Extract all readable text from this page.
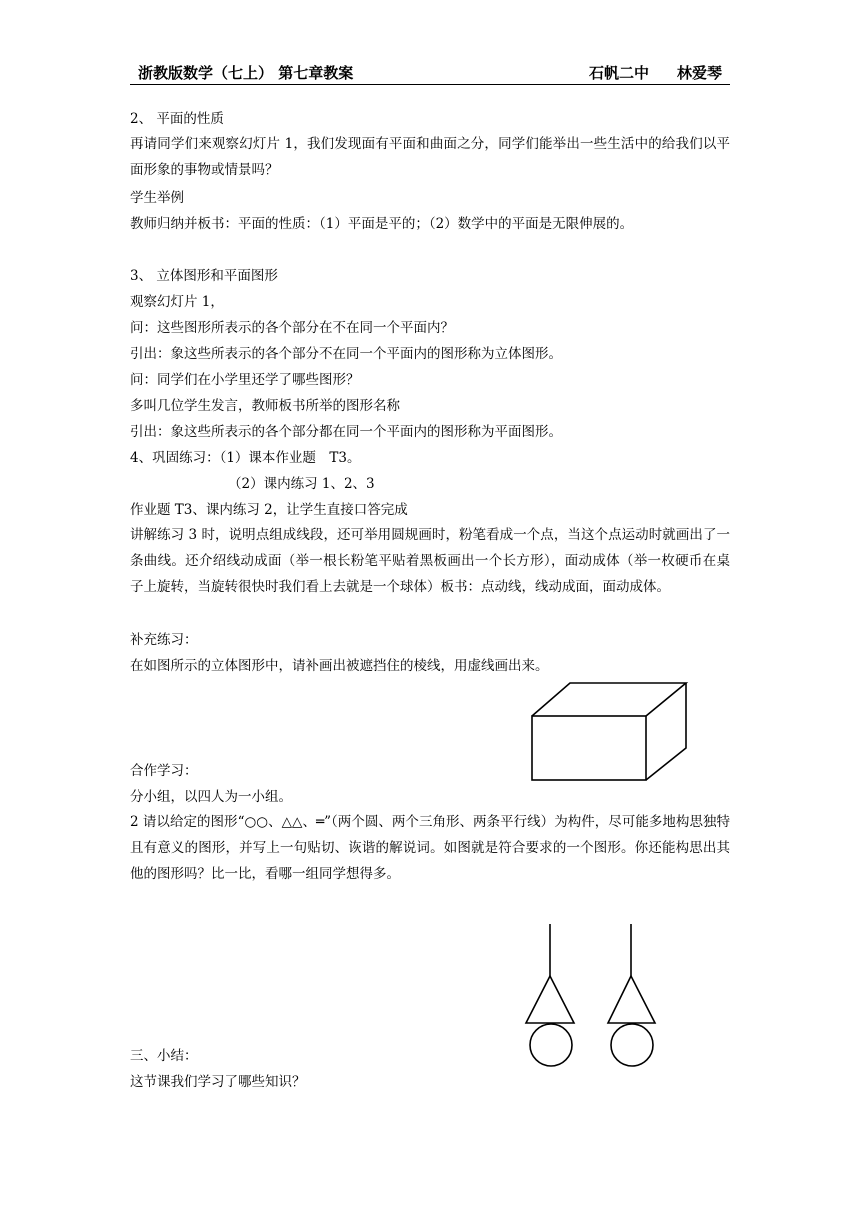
浙教版数学（七上） 第七章教案	石帆二中 林爱琴
2、 平面的性质
再请同学们来观察幻灯片 1，我们发现面有平面和曲面之分，同学们能举出一些生活中的给我们以平面形象的事物或情景吗？
学生举例
教师归纳并板书：平面的性质：（1）平面是平的；（2）数学中的平面是无限伸展的。
3、 立体图形和平面图形
观察幻灯片 1，
问：这些图形所表示的各个部分在不在同一个平面内？
引出：象这些所表示的各个部分不在同一个平面内的图形称为立体图形。
问：同学们在小学里还学了哪些图形？
多叫几位学生发言，教师板书所举的图形名称
引出：象这些所表示的各个部分都在同一个平面内的图形称为平面图形。
4、巩固练习：（1）课本作业题　T3。
（2）课内练习 1、2、3
作业题 T3、课内练习 2，让学生直接口答完成
讲解练习 3 时，说明点组成线段，还可举用圆规画时，粉笔看成一个点，当这个点运动时就画出了一条曲线。还介绍线动成面（举一根长粉笔平贴着黑板画出一个长方形），面动成体（举一枚硬币在桌子上旋转，当旋转很快时我们看上去就是一个球体）板书：点动线，线动成面，面动成体。
补充练习：
在如图所示的立体图形中，请补画出被遮挡住的棱线，用虚线画出来。
合作学习：
分小组，以四人为一小组。
2 请以给定的图形“○○、△△、═”（两个圆、两个三角形、两条平行线）为构件，尽可能多地构思独特且有意义的图形，并写上一句贴切、诙谐的解说词。如图就是符合要求的一个图形。你还能构思出其他的图形吗？比一比，看哪一组同学想得多。
三、小结：
这节课我们学习了哪些知识？
